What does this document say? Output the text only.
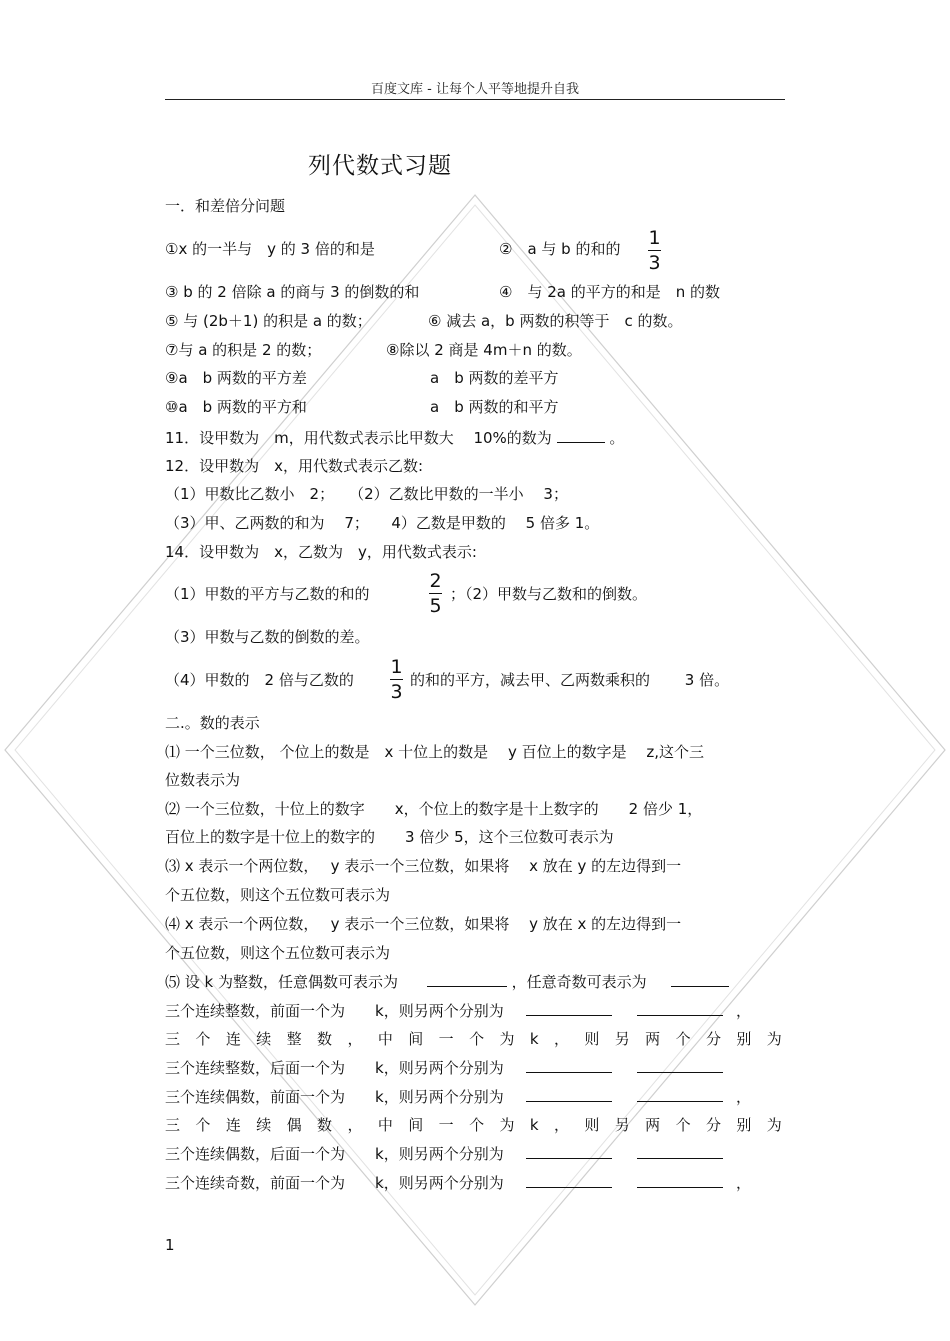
百度文库 - 让每个人平等地提升自我
列代数式习题
一．和差倍分问题
①x 的一半与　y 的 3 倍的和是	②　a 与 b 的和的 1
3
③ b 的 2 倍除 a 的商与 3 的倒数的和	④　与 2a 的平方的和是　n 的数
⑤ 与 (2b＋1) 的积是 a 的数；	⑥ 减去 a，b 两数的积等于　c 的数。
⑦与 a 的积是 2 的数；	⑧除以 2 商是 4m＋n 的数。
⑨a　b 两数的平方差	a　b 两数的差平方
⑩a　b 两数的平方和	a　b 两数的和平方
11．设甲数为　m，用代数式表示比甲数大　 10%的数为	。
12．设甲数为　x，用代数式表示乙数:
（1）甲数比乙数小　2；　　（2）乙数比甲数的一半小　 3；
（3）甲、乙两数的和为　 7；　　4）乙数是甲数的　 5 倍多 1。
14．设甲数为　x，乙数为　y，用代数式表示:
（1）甲数的平方与乙数的和的
2
5
；（2）甲数与乙数和的倒数。
（3）甲数与乙数的倒数的差。
（4）甲数的　2 倍与乙数的
1
3
的和的平方，减去甲、乙两数乘积的　　 3 倍。
二.。数的表示
⑴ 一个三位数， 个位上的数是　x 十位上的数是　 y 百位上的数字是　 z,这个三
位数表示为
⑵ 一个三位数，十位上的数字　　x，个位上的数字是十上数字的　　2 倍少 1，
百位上的数字是十位上的数字的　　3 倍少 5，这个三位数可表示为
⑶ x 表示一个两位数，　 y 表示一个三位数，如果将　 x 放在 y 的左边得到一
个五位数，则这个五位数可表示为
⑷ x 表示一个两位数，　 y 表示一个三位数，如果将　 y 放在 x 的左边得到一
个五位数，则这个五位数可表示为
⑸ 设 k 为整数，任意偶数可表示为	，任意奇数可表示为
三个连续整数，前面一个为　　k，则另两个分别为	，
三 个 连 续 整 数 ， 中 间 一 个 为 k ， 则 另 两 个 分 别 为
三个连续整数，后面一个为　　k，则另两个分别为
三个连续偶数，前面一个为　　k，则另两个分别为	，
三 个 连 续 偶 数 ， 中 间 一 个 为 k ， 则 另 两 个 分 别 为
三个连续偶数，后面一个为　　k，则另两个分别为
三个连续奇数，前面一个为　　k，则另两个分别为	，
1
